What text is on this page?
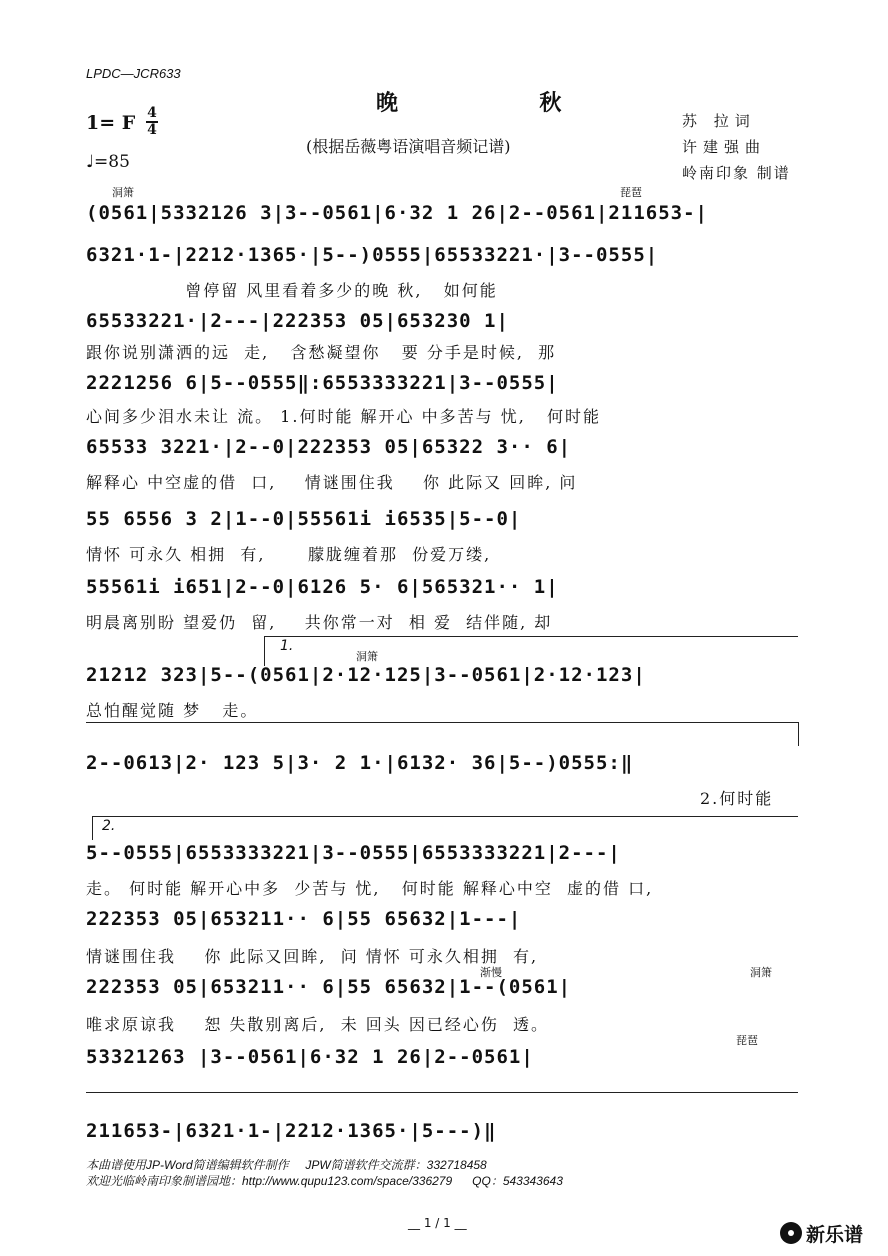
LPDC—JCR633
晚  秋
(根据岳薇粤语演唱音频记谱)
1= F 4
4
♩=85
苏 拉词
许建强曲
岭南印象 制谱
洞箫	琵琶
洞箫
渐慢	洞箫
琵琶
(0561|5332126 3|3--0561|6·32 1 26|2--0561|211653-|
6321·1-|2212·1365·|5--)0555|65533221·|3--0555|
曾停留 风里看着多少的晚 秋,   如何能
65533221·|2---|222353 05|653230 1|
跟你说别潇洒的远  走,   含愁凝望你   要 分手是时候,  那
2221256 6|5--0555‖:6553333221|3--0555|
心间多少泪水未让 流。 1.何时能 解开心 中多苦与 忧,   何时能
65533 3221·|2--0|222353 05|65322 3·· 6|
解释心 中空虚的借  口,    情谜围住我    你 此际又 回眸, 问
55 6556 3 2|1--0|55561i i6535|5--0|
情怀 可永久 相拥  有,      朦胧缠着那  份爱万缕,
55561i i651|2--0|6126 5· 6|565321·· 1|
明晨离别盼 望爱仍  留,    共你常一对  相 爱  结伴随, 却
1.
21212 323|5--(0561|2·12·125|3--0561|2·12·123|
总怕醒觉随 梦   走。
2--0613|2· 123 5|3· 2 1·|6132· 36|5--)0555:‖
2.何时能
2.
5--0555|6553333221|3--0555|6553333221|2---|
走。 何时能 解开心中多  少苦与 忧,   何时能 解释心中空  虚的借 口,
222353 05|653211·· 6|55 65632|1---|
情谜围住我    你 此际又回眸,  问 情怀 可永久相拥  有,
222353 05|653211·· 6|55 65632|1--(0561|
唯求原谅我    恕 失散别离后,  未 回头 因已经心伤  透。
53321263 |3--0561|6·32 1 26|2--0561|
211653-|6321·1-|2212·1365·|5---)‖
本曲谱使用JP-Word简谱编辑软件制作     JPW简谱软件交流群：332718458
欢迎光临岭南印象制谱园地：http://www.qupu123.com/space/336279      QQ：543343643
__ 1 / 1 __
新乐谱
